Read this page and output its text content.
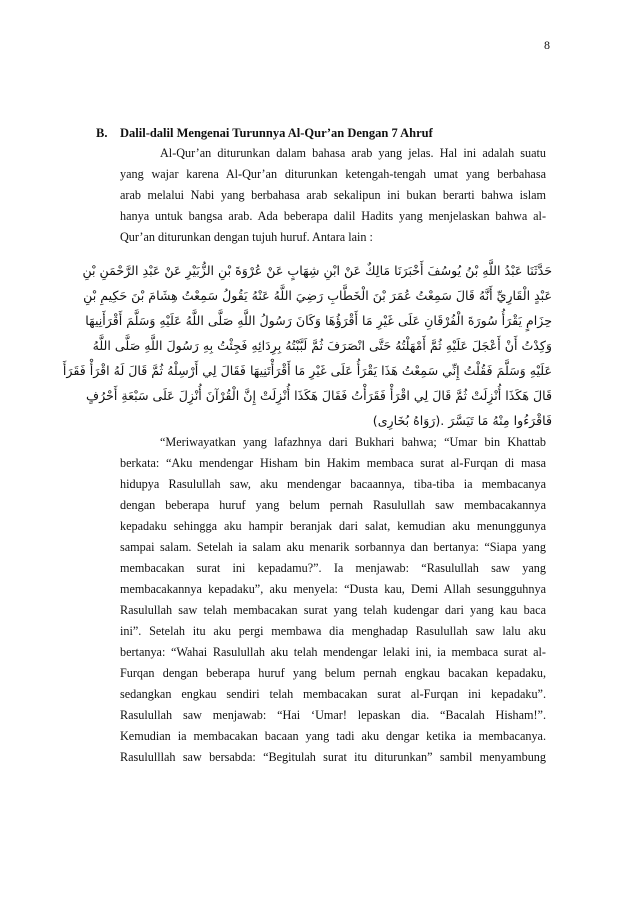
8
B. Dalil-dalil Mengenai Turunnya Al-Qur’an Dengan 7 Ahruf
Al-Qur’an diturunkan dalam bahasa arab yang jelas. Hal ini adalah suatu
yang wajar karena Al-Qur’an diturunkan ketengah-tengah umat yang berbahasa
arab melalui Nabi yang berbahasa arab sekalipun ini bukan berarti bahwa islam
hanya untuk bangsa arab. Ada beberapa dalil Hadits yang menjelaskan bahwa al-
Qur’an diturunkan dengan tujuh huruf. Antara lain :
حَدَّثَنَا عَبْدُ اللَّهِ بْنُ يُوسُفَ أَخْبَرَنَا مَالِكٌ عَنْ ابْنِ شِهَابٍ عَنْ عُرْوَةَ بْنِ الزُّبَيْرِ عَنْ عَبْدِ الرَّحْمَنِ بْنِ
عَبْدٍ الْقَارِيِّ أَنَّهُ قَالَ سَمِعْتُ عُمَرَ بْنَ الْخَطَّابِ رَضِيَ اللَّهُ عَنْهُ يَقُولُ سَمِعْتُ هِشَامَ بْنَ حَكِيمِ بْنِ
حِزَامٍ يَقْرَأُ سُورَةَ الْفُرْقَانِ عَلَى غَيْرِ مَا أَقْرَؤُهَا وَكَانَ رَسُولُ اللَّهِ صَلَّى اللَّهُ عَلَيْهِ وَسَلَّمَ أَقْرَأَنِيهَا
وَكِدْتُ أَنْ أَعْجَلَ عَلَيْهِ ثُمَّ أَمْهَلْتُهُ حَتَّى انْصَرَفَ ثُمَّ لَبَّبْتُهُ بِرِدَائِهِ فَجِئْتُ بِهِ رَسُولَ اللَّهِ صَلَّى اللَّهُ
عَلَيْهِ وَسَلَّمَ فَقُلْتُ إِنِّي سَمِعْتُ هَذَا يَقْرَأُ عَلَى غَيْرِ مَا أَقْرَأْتَنِيهَا فَقَالَ لِي أَرْسِلْهُ ثُمَّ قَالَ لَهُ اقْرَأْ فَقَرَأَ
قَالَ هَكَذَا أُنْزِلَتْ ثُمَّ قَالَ لِي اقْرَأْ فَقَرَأْتُ فَقَالَ هَكَذَا أُنْزِلَتْ إِنَّ الْقُرْآنَ أُنْزِلَ عَلَى سَبْعَةِ أَحْرُفٍ
فَاقْرَءُوا مِنْهُ مَا تَيَسَّرَ .(رَوَاهُ بُخَارِى)
“Meriwayatkan yang lafazhnya dari Bukhari bahwa; “Umar bin Khattab
berkata: “Aku mendengar Hisham bin Hakim membaca surat al-Furqan di masa
hidupya Rasulullah saw, aku mendengar bacaannya, tiba-tiba ia membacanya
dengan beberapa huruf yang belum pernah Rasulullah saw membacakannya
kepadaku sehingga aku hampir beranjak dari salat, kemudian aku menunggunya
sampai salam. Setelah ia salam aku menarik sorbannya dan bertanya: “Siapa yang
membacakan surat ini kepadamu?”. Ia menjawab: “Rasulullah saw yang
membacakannya kepadaku”, aku menyela: “Dusta kau, Demi Allah sesungguhnya
Rasulullah saw telah membacakan surat yang telah kudengar dari yang kau baca
ini”. Setelah itu aku pergi membawa dia menghadap Rasulullah saw lalu aku
bertanya: “Wahai Rasulullah aku telah mendengar lelaki ini, ia membaca surat al-
Furqan dengan beberapa huruf yang belum pernah engkau bacakan kepadaku,
sedangkan engkau sendiri telah membacakan surat al-Furqan ini kepadaku”.
Rasulullah saw menjawab: “Hai ‘Umar! lepaskan dia. “Bacalah Hisham!”.
Kemudian ia membacakan bacaan yang tadi aku dengar ketika ia membacanya.
Rasululllah saw bersabda: “Begitulah surat itu diturunkan” sambil menyambung
